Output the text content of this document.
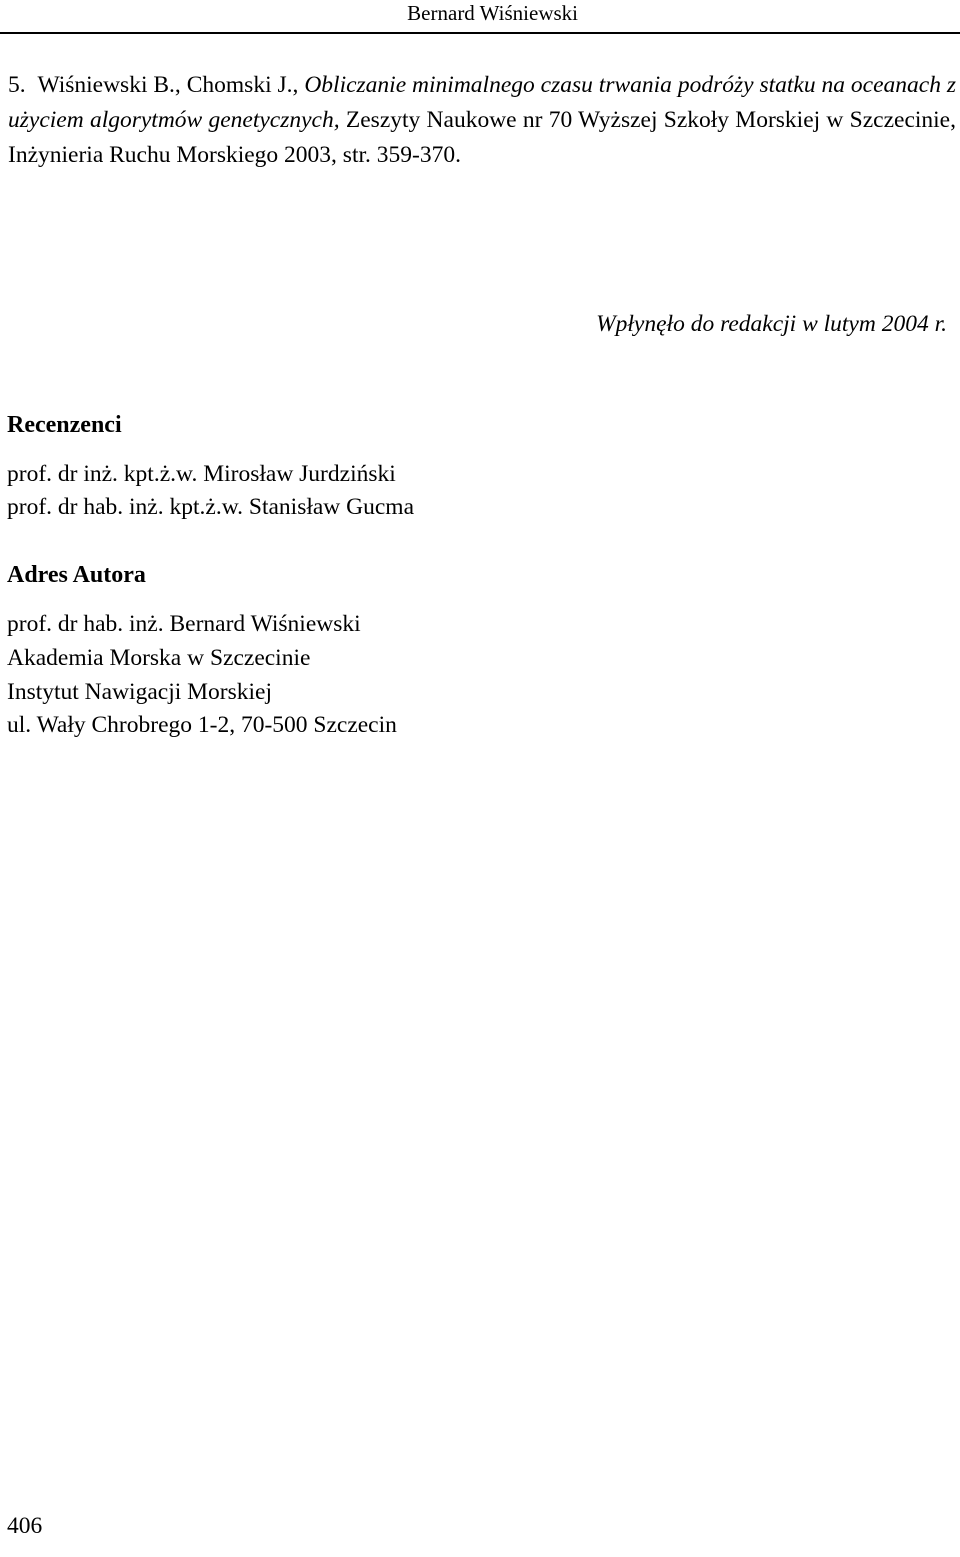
Bernard Wiśniewski
5. Wiśniewski B., Chomski J., Obliczanie minimalnego czasu trwania podróży statku na oceanach z użyciem algorytmów genetycznych, Zeszyty Naukowe nr 70 Wyższej Szkoły Morskiej w Szczecinie, Inżynieria Ruchu Morskiego 2003, str. 359-370.
Wpłynęło do redakcji w lutym 2004 r.
Recenzenci
prof. dr inż. kpt.ż.w. Mirosław Jurdziński
prof. dr hab. inż. kpt.ż.w. Stanisław Gucma
Adres Autora
prof. dr hab. inż. Bernard Wiśniewski
Akademia Morska w Szczecinie
Instytut Nawigacji Morskiej
ul. Wały Chrobrego 1-2, 70-500 Szczecin
406
